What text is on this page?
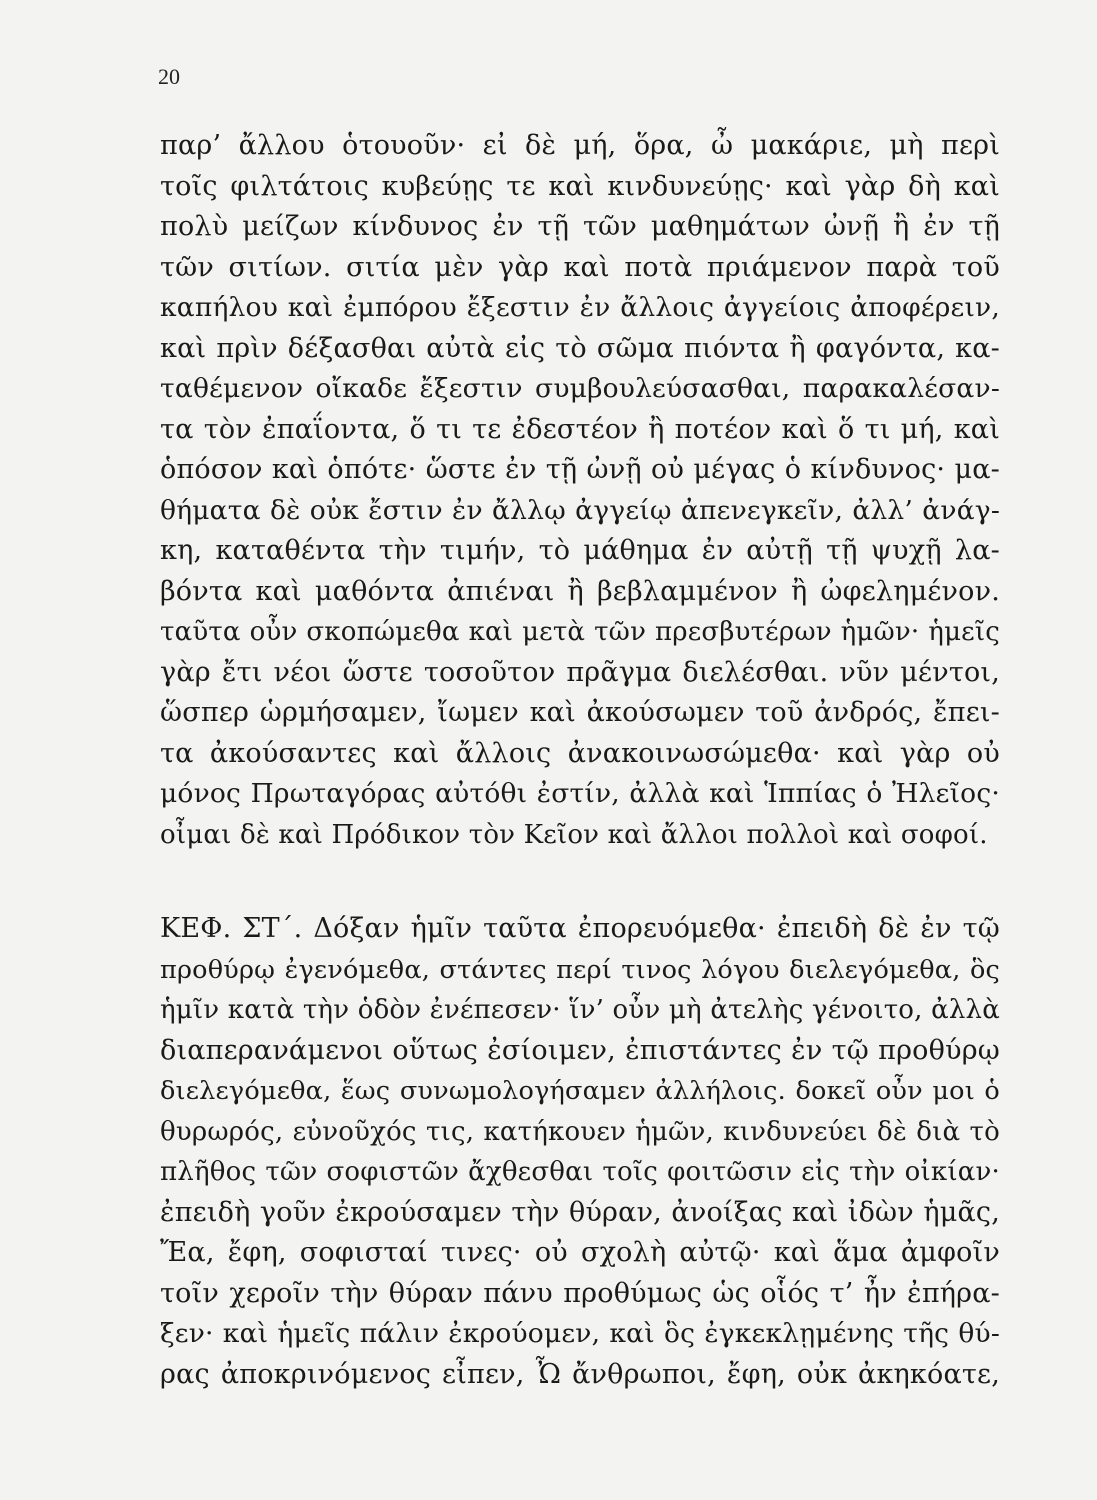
20
παρ’ ἄλλου ὁτουοῦν· εἰ δὲ μή, ὅρα, ὦ μακάριε, μὴ περὶ
τοῖς φιλτάτοις κυβεύῃς τε καὶ κινδυνεύῃς· καὶ γὰρ δὴ καὶ
πολὺ μείζων κίνδυνος ἐν τῇ τῶν μαθημάτων ὠνῇ ἢ ἐν τῇ
τῶν σιτίων. σιτία μὲν γὰρ καὶ ποτὰ πριάμενον παρὰ τοῦ
καπήλου καὶ ἐμπόρου ἔξεστιν ἐν ἄλλοις ἀγγείοις ἀποφέρειν,
καὶ πρὶν δέξασθαι αὐτὰ εἰς τὸ σῶμα πιόντα ἢ φαγόντα, κα-
ταθέμενον οἴκαδε ἔξεστιν συμβουλεύσασθαι, παρακαλέσαν-
τα τὸν ἐπαΐοντα, ὅ τι τε ἐδεστέον ἢ ποτέον καὶ ὅ τι μή, καὶ
ὁπόσον καὶ ὁπότε· ὥστε ἐν τῇ ὠνῇ οὐ μέγας ὁ κίνδυνος· μα-
θήματα δὲ οὐκ ἔστιν ἐν ἄλλῳ ἀγγείῳ ἀπενεγκεῖν, ἀλλ’ ἀνάγ-
κη, καταθέντα τὴν τιμήν, τὸ μάθημα ἐν αὐτῇ τῇ ψυχῇ λα-
βόντα καὶ μαθόντα ἀπιέναι ἢ βεβλαμμένον ἢ ὠφελημένον.
ταῦτα οὖν σκοπώμεθα καὶ μετὰ τῶν πρεσβυτέρων ἡμῶν· ἡμεῖς
γὰρ ἔτι νέοι ὥστε τοσοῦτον πρᾶγμα διελέσθαι. νῦν μέντοι,
ὥσπερ ὡρμήσαμεν, ἴωμεν καὶ ἀκούσωμεν τοῦ ἀνδρός, ἔπει-
τα ἀκούσαντες καὶ ἄλλοις ἀνακοινωσώμεθα· καὶ γὰρ οὐ
μόνος Πρωταγόρας αὐτόθι ἐστίν, ἀλλὰ καὶ Ἱππίας ὁ Ἠλεῖος·
οἶμαι δὲ καὶ Πρόδικον τὸν Κεῖον καὶ ἄλλοι πολλοὶ καὶ σοφοί.
ΚΕΦ. ΣΤ΄. Δόξαν ἡμῖν ταῦτα ἐπορευόμεθα· ἐπειδὴ δὲ ἐν τῷ
προθύρῳ ἐγενόμεθα, στάντες περί τινος λόγου διελεγόμεθα, ὃς
ἡμῖν κατὰ τὴν ὁδὸν ἐνέπεσεν· ἵν’ οὖν μὴ ἀτελὴς γένοιτο, ἀλλὰ
διαπερανάμενοι οὕτως ἐσίοιμεν, ἐπιστάντες ἐν τῷ προθύρῳ
διελεγόμεθα, ἕως συνωμολογήσαμεν ἀλλήλοις. δοκεῖ οὖν μοι ὁ
θυρωρός, εὐνοῦχός τις, κατήκουεν ἡμῶν, κινδυνεύει δὲ διὰ τὸ
πλῆθος τῶν σοφιστῶν ἄχθεσθαι τοῖς φοιτῶσιν εἰς τὴν οἰκίαν·
ἐπειδὴ γοῦν ἐκρούσαμεν τὴν θύραν, ἀνοίξας καὶ ἰδὼν ἡμᾶς,
Ἔα, ἔφη, σοφισταί τινες· οὐ σχολὴ αὐτῷ· καὶ ἅμα ἀμφοῖν
τοῖν χεροῖν τὴν θύραν πάνυ προθύμως ὡς οἷός τ’ ἦν ἐπήρα-
ξεν· καὶ ἡμεῖς πάλιν ἐκρούομεν, καὶ ὃς ἐγκεκλῃμένης τῆς θύ-
ρας ἀποκρινόμενος εἶπεν, Ὦ ἄνθρωποι, ἔφη, οὐκ ἀκηκόατε,
